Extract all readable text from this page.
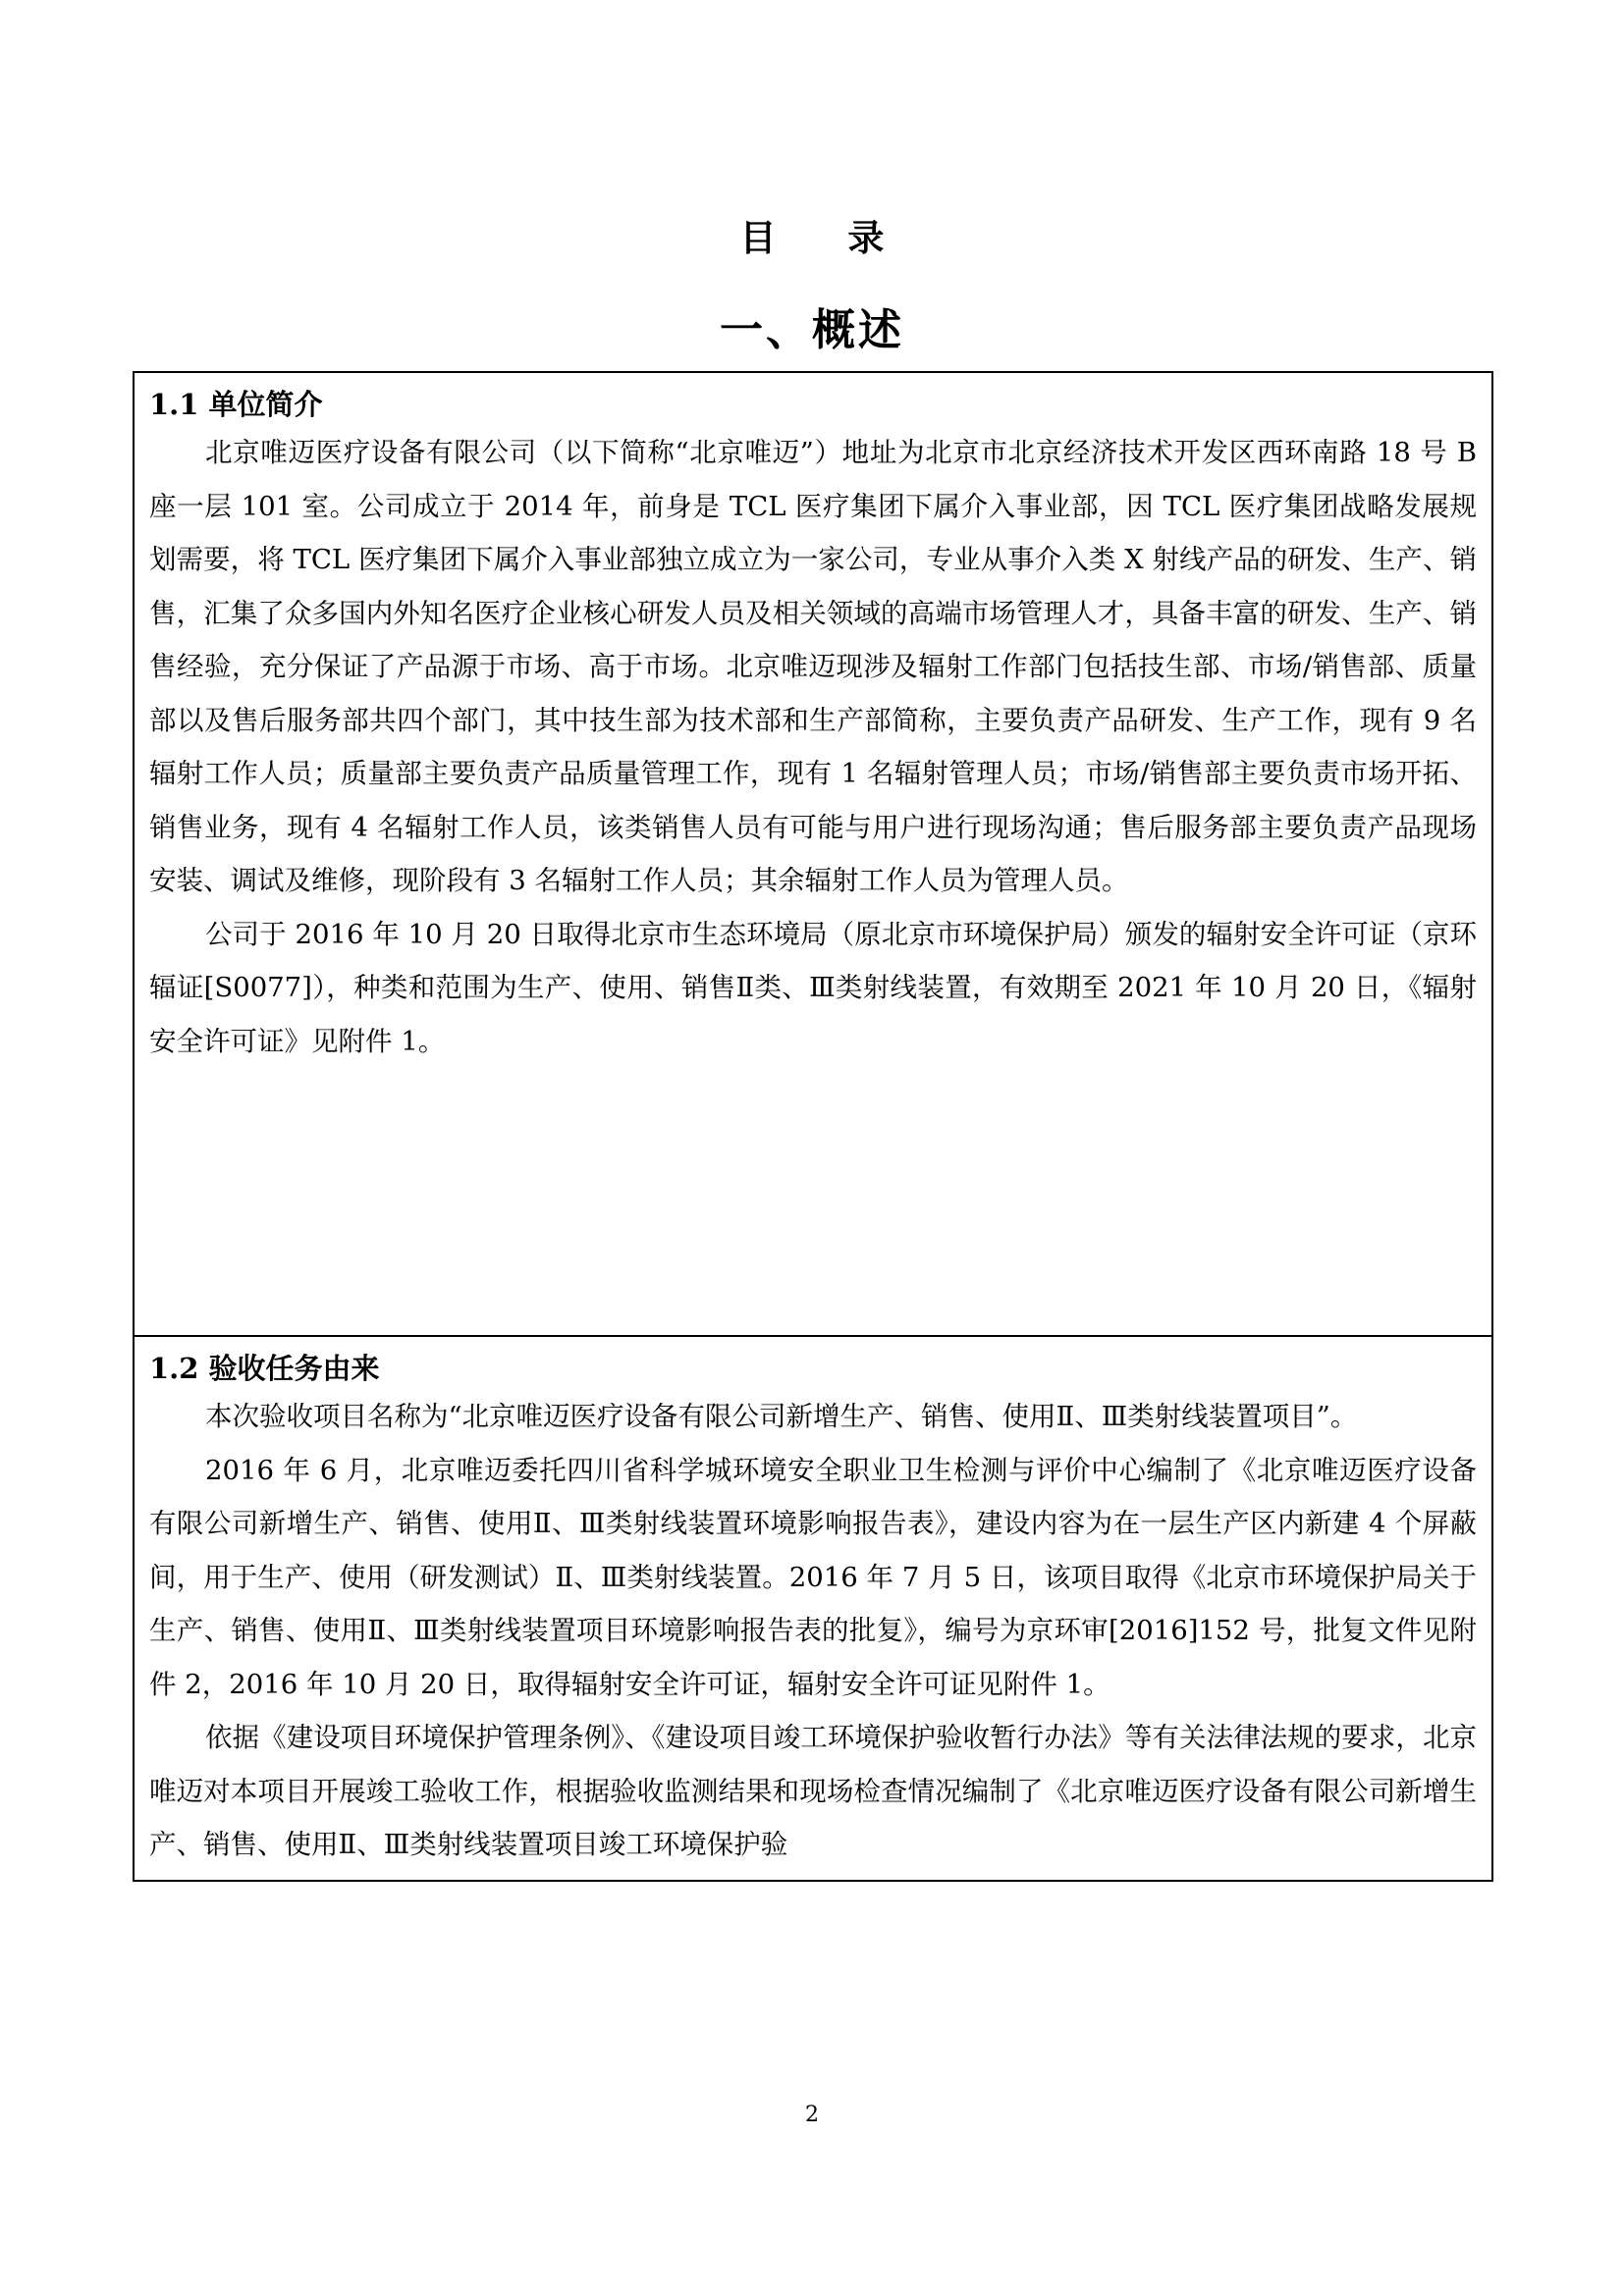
目 录
一、概述

1.1 单位简介

北京唯迈医疗设备有限公司（以下简称“北京唯迈”）地址为北京市北京经济技术开发区西环南路 18 号 B 座一层 101 室。公司成立于 2014 年，前身是 TCL 医疗集团下属介入事业部，因 TCL 医疗集团战略发展规划需要，将 TCL 医疗集团下属介入事业部独立成立为一家公司，专业从事介入类 X 射线产品的研发、生产、销售，汇集了众多国内外知名医疗企业核心研发人员及相关领域的高端市场管理人才，具备丰富的研发、生产、销售经验，充分保证了产品源于市场、高于市场。北京唯迈现涉及辐射工作部门包括技生部、市场/销售部、质量部以及售后服务部共四个部门，其中技生部为技术部和生产部简称，主要负责产品研发、生产工作，现有 9 名辐射工作人员；质量部主要负责产品质量管理工作，现有 1 名辐射管理人员；市场/销售部主要负责市场开拓、销售业务，现有 4 名辐射工作人员，该类销售人员有可能与用户进行现场沟通；售后服务部主要负责产品现场安装、调试及维修，现阶段有 3 名辐射工作人员；其余辐射工作人员为管理人员。

公司于 2016 年 10 月 20 日取得北京市生态环境局（原北京市环境保护局）颁发的辐射安全许可证（京环辐证[S0077]），种类和范围为生产、使用、销售Ⅱ类、Ⅲ类射线装置，有效期至 2021 年 10 月 20 日，《辐射安全许可证》见附件 1。

1.2 验收任务由来

本次验收项目名称为“北京唯迈医疗设备有限公司新增生产、销售、使用Ⅱ、Ⅲ类射线装置项目”。

2016 年 6 月，北京唯迈委托四川省科学城环境安全职业卫生检测与评价中心编制了《北京唯迈医疗设备有限公司新增生产、销售、使用Ⅱ、Ⅲ类射线装置环境影响报告表》，建设内容为在一层生产区内新建 4 个屏蔽间，用于生产、使用（研发测试）Ⅱ、Ⅲ类射线装置。2016 年 7 月 5 日，该项目取得《北京市环境保护局关于生产、销售、使用Ⅱ、Ⅲ类射线装置项目环境影响报告表的批复》，编号为京环审[2016]152 号，批复文件见附件 2，2016 年 10 月 20 日，取得辐射安全许可证，辐射安全许可证见附件 1。

依据《建设项目环境保护管理条例》、《建设项目竣工环境保护验收暂行办法》等有关法律法规的要求，北京唯迈对本项目开展竣工验收工作，根据验收监测结果和现场检查情况编制了《北京唯迈医疗设备有限公司新增生产、销售、使用Ⅱ、Ⅲ类射线装置项目竣工环境保护验

2
